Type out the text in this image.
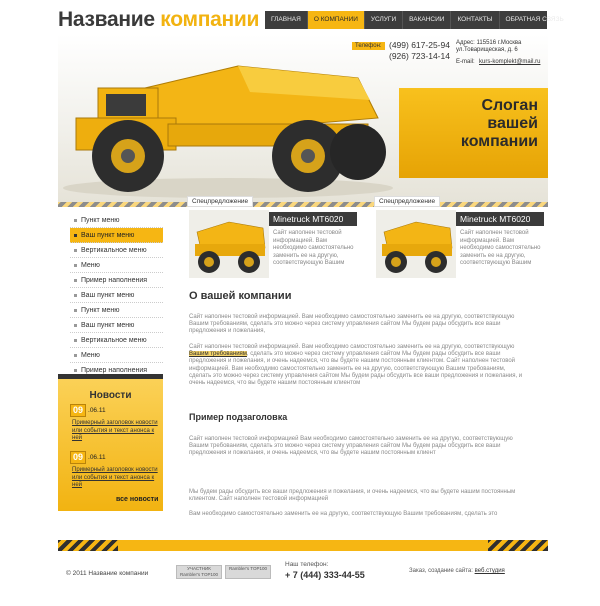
Название компании	ГЛАВНАЯ	О КОМПАНИИ	УСЛУГИ	ВАКАНСИИ	КОНТАКТЫ	ОБРАТНАЯ СВЯЗЬ
Слоган
вашей компании
Телефон: (499) 617-25-94
(926) 723-14-14
Адрес: 115516 г.Москва
ул.Товарищеская, д. 6
E-mail: kurs-komplekt@mail.ru
Пункт меню
Ваш пункт меню
Вертикальное меню
Меню
Пример наполнения
Ваш пункт меню
Пункт меню
Ваш пункт меню
Вертикальное меню
Меню
Пример наполнения
Новости
09 .06.11
Примерный заголовок новости или события и текст анонса к ней
09 .06.11
Примерный заголовок новости или события и текст анонса к ней
все новости
Спецпредложение
Minetruck MT6020
Сайт наполнен тестовой информацией. Вам необходимо самостоятельно заменить ее на другую, соответствующую Вашим
Спецпредложение
Minetruck MT6020
Сайт наполнен тестовой информацией. Вам необходимо самостоятельно заменить ее на другую, соответствующую Вашим
О вашей компании
Сайт наполнен тестовой информацией. Вам необходимо самостоятельно заменить ее на другую, соответствующую Вашим требованиям, сделать это можно через систему управления сайтом Мы будем рады обсудить все ваши предложения и пожелания,
Сайт наполнен тестовой информацией. Вам необходимо самостоятельно заменить ее на другую, соответствующую Вашим требованиям, сделать это можно через систему управления сайтом Мы будем рады обсудить все ваши предложения и пожелания, и очень надеемся, что вы будете нашим постоянным клиентом. Сайт наполнен тестовой информацией. Вам необходимо самостоятельно заменить ее на другую, соответствующую Вашим требованиям, сделать это можно через систему управления сайтом Мы будем рады обсудить все ваши предложения и пожелания, и очень надеемся, что вы будете нашим постоянным клиентом
Пример подзаголовка
Сайт наполнен тестовой информацией Вам необходимо самостоятельно заменить ее на другую, соответствующую Вашим требованиям, сделать это можно через систему управления сайтом Мы будем рады обсудить все ваши предложения и пожелания, и очень надеемся, что вы будете нашим постоянным клиент
Мы будем рады обсудить все ваши предложения и пожелания, и очень надеемся, что вы будете нашим постоянным клиентом. Сайт наполнен тестовой информацией
Вам необходимо самостоятельно заменить ее на другую, соответствующую Вашим требованиям, сделать это
© 2011 Название компании
УЧАСТНИК Rambler's TOP100
Rambler's TOP100
Наш телефон:
+ 7 (444) 333-44-55	Заказ, создание сайта: веб.студия
